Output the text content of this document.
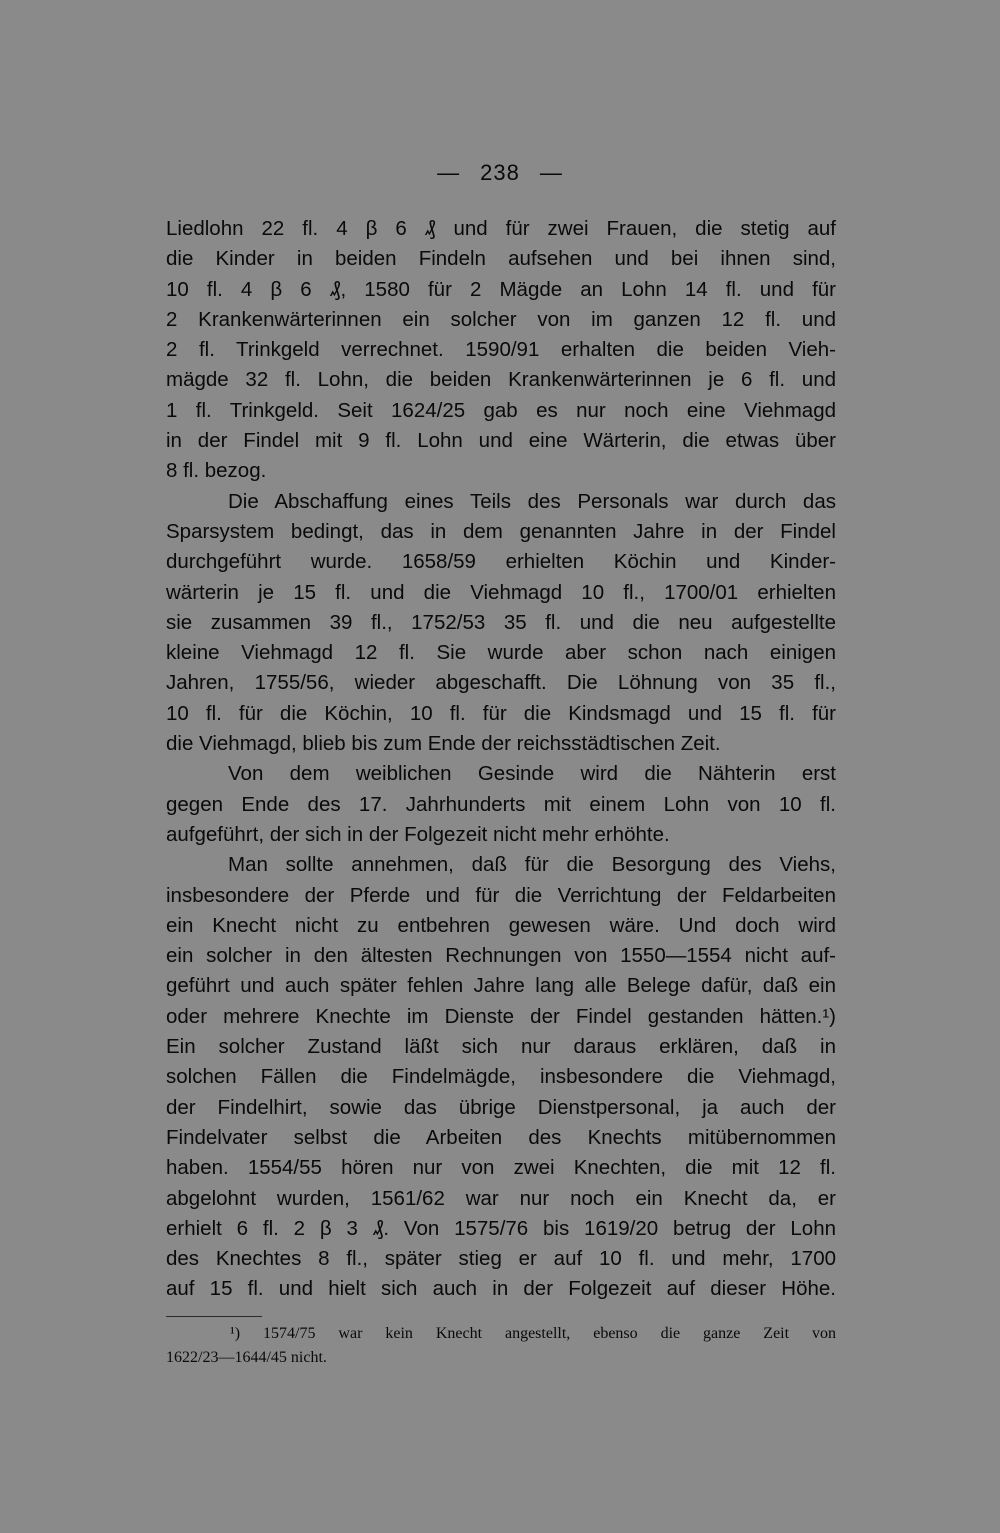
— 238 —
Liedlohn 22 fl. 4 β 6 ₰ und für zwei Frauen, die stetig auf
die Kinder in beiden Findeln aufsehen und bei ihnen sind,
10 fl. 4 β 6 ₰, 1580 für 2 Mägde an Lohn 14 fl. und für
2 Krankenwärterinnen ein solcher von im ganzen 12 fl. und
2 fl. Trinkgeld verrechnet. 1590/91 erhalten die beiden Vieh-
mägde 32 fl. Lohn, die beiden Krankenwärterinnen je 6 fl. und
1 fl. Trinkgeld. Seit 1624/25 gab es nur noch eine Viehmagd
in der Findel mit 9 fl. Lohn und eine Wärterin, die etwas über
8 fl. bezog.
Die Abschaffung eines Teils des Personals war durch das
Sparsystem bedingt, das in dem genannten Jahre in der Findel
durchgeführt wurde. 1658/59 erhielten Köchin und Kinder-
wärterin je 15 fl. und die Viehmagd 10 fl., 1700/01 erhielten
sie zusammen 39 fl., 1752/53 35 fl. und die neu aufgestellte
kleine Viehmagd 12 fl. Sie wurde aber schon nach einigen
Jahren, 1755/56, wieder abgeschafft. Die Löhnung von 35 fl.,
10 fl. für die Köchin, 10 fl. für die Kindsmagd und 15 fl. für
die Viehmagd, blieb bis zum Ende der reichsstädtischen Zeit.
Von dem weiblichen Gesinde wird die Nähterin erst
gegen Ende des 17. Jahrhunderts mit einem Lohn von 10 fl.
aufgeführt, der sich in der Folgezeit nicht mehr erhöhte.
Man sollte annehmen, daß für die Besorgung des Viehs,
insbesondere der Pferde und für die Verrichtung der Feldarbeiten
ein Knecht nicht zu entbehren gewesen wäre. Und doch wird
ein solcher in den ältesten Rechnungen von 1550—1554 nicht auf-
geführt und auch später fehlen Jahre lang alle Belege dafür, daß ein
oder mehrere Knechte im Dienste der Findel gestanden hätten.¹)
Ein solcher Zustand läßt sich nur daraus erklären, daß in
solchen Fällen die Findelmägde, insbesondere die Viehmagd,
der Findelhirt, sowie das übrige Dienstpersonal, ja auch der
Findelvater selbst die Arbeiten des Knechts mitübernommen
haben. 1554/55 hören nur von zwei Knechten, die mit 12 fl.
abgelohnt wurden, 1561/62 war nur noch ein Knecht da, er
erhielt 6 fl. 2 β 3 ₰. Von 1575/76 bis 1619/20 betrug der Lohn
des Knechtes 8 fl., später stieg er auf 10 fl. und mehr, 1700
auf 15 fl. und hielt sich auch in der Folgezeit auf dieser Höhe.
¹) 1574/75 war kein Knecht angestellt, ebenso die ganze Zeit von
1622/23—1644/45 nicht.
